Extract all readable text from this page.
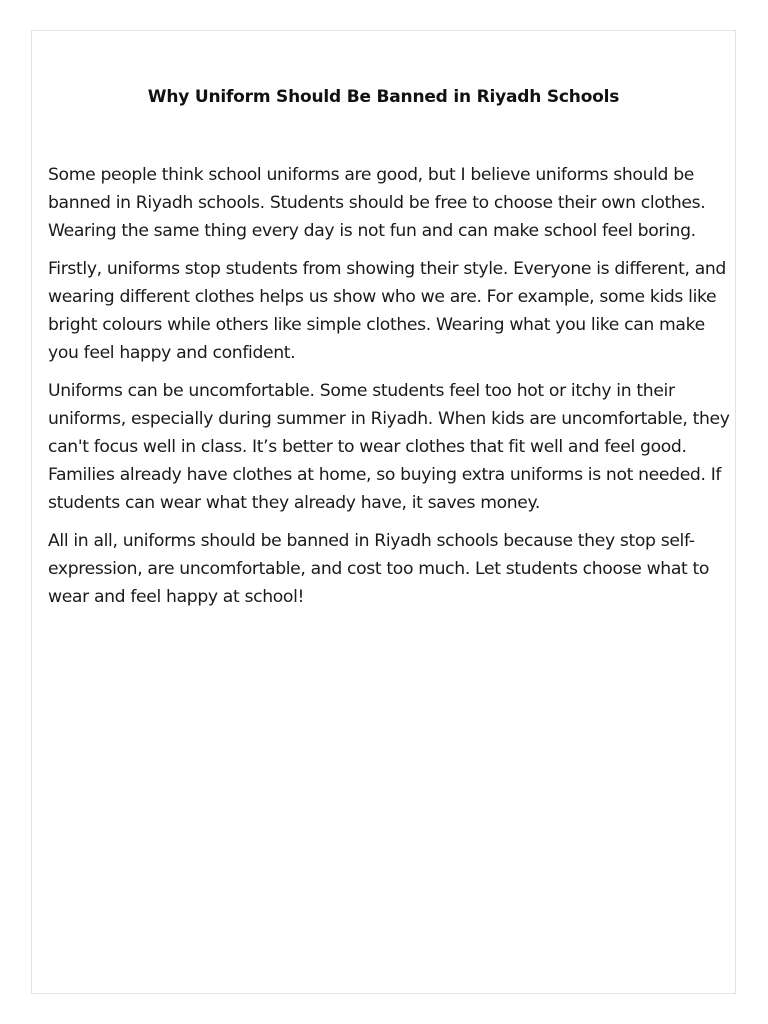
Why Uniform Should Be Banned in Riyadh Schools

Some people think school uniforms are good, but I believe uniforms should be banned in Riyadh schools. Students should be free to choose their own clothes. Wearing the same thing every day is not fun and can make school feel boring.

Firstly, uniforms stop students from showing their style. Everyone is different, and wearing different clothes helps us show who we are. For example, some kids like bright colours while others like simple clothes. Wearing what you like can make you feel happy and confident.

Uniforms can be uncomfortable. Some students feel too hot or itchy in their uniforms, especially during summer in Riyadh. When kids are uncomfortable, they can't focus well in class. It’s better to wear clothes that fit well and feel good. Families already have clothes at home, so buying extra uniforms is not needed. If students can wear what they already have, it saves money.

All in all, uniforms should be banned in Riyadh schools because they stop self-expression, are uncomfortable, and cost too much. Let students choose what to wear and feel happy at school!
